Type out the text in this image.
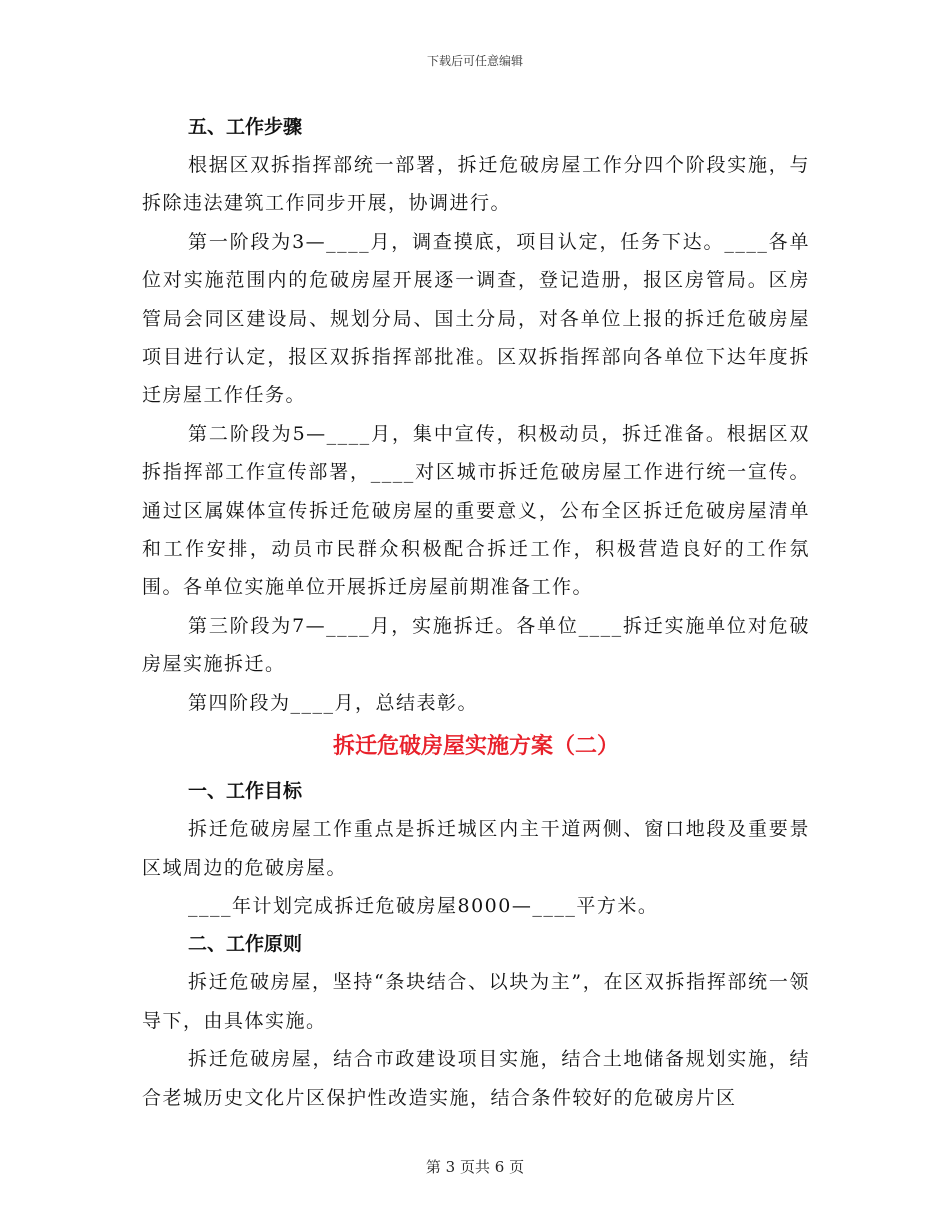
下载后可任意编辑

五、工作步骤

根据区双拆指挥部统一部署，拆迁危破房屋工作分四个阶段实施，与拆除违法建筑工作同步开展，协调进行。

第一阶段为3—____月，调查摸底，项目认定，任务下达。____各单位对实施范围内的危破房屋开展逐一调查，登记造册，报区房管局。区房管局会同区建设局、规划分局、国土分局，对各单位上报的拆迁危破房屋项目进行认定，报区双拆指挥部批准。区双拆指挥部向各单位下达年度拆迁房屋工作任务。

第二阶段为5—____月，集中宣传，积极动员，拆迁准备。根据区双拆指挥部工作宣传部署，____对区城市拆迁危破房屋工作进行统一宣传。通过区属媒体宣传拆迁危破房屋的重要意义，公布全区拆迁危破房屋清单和工作安排，动员市民群众积极配合拆迁工作，积极营造良好的工作氛围。各单位实施单位开展拆迁房屋前期准备工作。

第三阶段为7—____月，实施拆迁。各单位____拆迁实施单位对危破房屋实施拆迁。

第四阶段为____月，总结表彰。

拆迁危破房屋实施方案（二）

一、工作目标

拆迁危破房屋工作重点是拆迁城区内主干道两侧、窗口地段及重要景区域周边的危破房屋。

____年计划完成拆迁危破房屋8000—____平方米。

二、工作原则

拆迁危破房屋，坚持“条块结合、以块为主”，在区双拆指挥部统一领导下，由具体实施。

拆迁危破房屋，结合市政建设项目实施，结合土地储备规划实施，结合老城历史文化片区保护性改造实施，结合条件较好的危破房片区

第 3 页共 6 页
